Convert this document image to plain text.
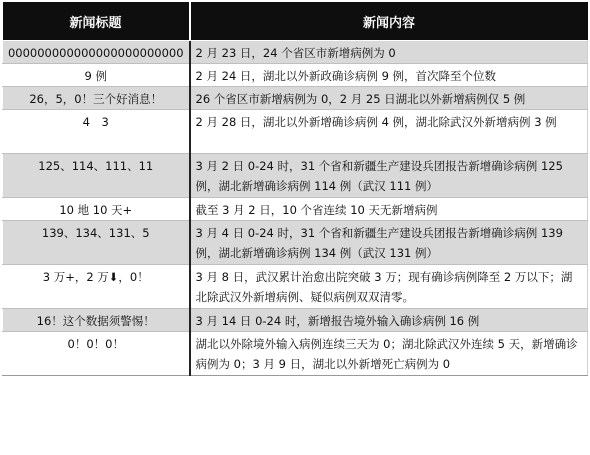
新闻标题	新闻内容
000000000000000000000000	2 月 23 日，24 个省区市新增病例为 0
9 例	2 月 24 日，湖北以外新政确诊病例 9 例，首次降至个位数
26，5，0！三个好消息！	26 个省区市新增病例为 0，2 月 25 日湖北以外新增病例仅 5 例
4　3	2 月 28 日，湖北以外新增确诊病例 4 例，湖北除武汉外新增病例 3 例
125、114、111、11	3 月 2 日 0-24 时，31 个省和新疆生产建设兵团报告新增确诊病例 125 例，湖北新增确诊病例 114 例（武汉 111 例）
10 地 10 天+	截至 3 月 2 日，10 个省连续 10 天无新增病例
139、134、131、5	3 月 4 日 0-24 时，31 个省和新疆生产建设兵团报告新增确诊病例 139 例，湖北新增确诊病例 134 例（武汉 131 例）
3 万+，2 万⬇，0！	3 月 8 日，武汉累计治愈出院突破 3 万；现有确诊病例降至 2 万以下；湖北除武汉外新增病例、疑似病例双双清零。
16！这个数据须警惕！	3 月 14 日 0-24 时，新增报告境外输入确诊病例 16 例
0！0！0！	湖北以外除境外输入病例连续三天为 0；湖北除武汉外连续 5 天，新增确诊病例为 0；3 月 9 日，湖北以外新增死亡病例为 0
